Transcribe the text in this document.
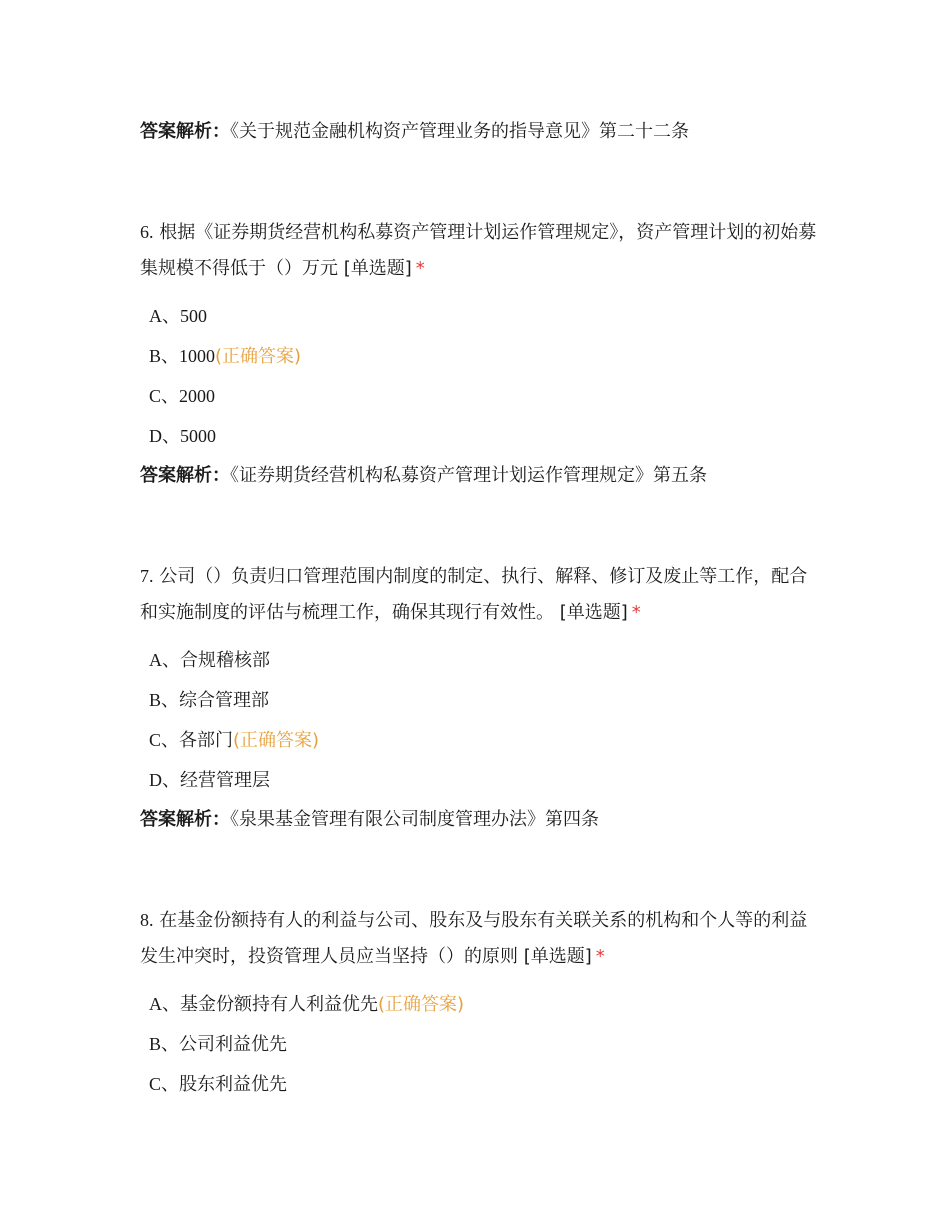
答案解析：《关于规范金融机构资产管理业务的指导意见》第二十二条
6. 根据《证券期货经营机构私募资产管理计划运作管理规定》，资产管理计划的初始募集规模不得低于（）万元 [单选题] *
A、500
B、1000(正确答案)
C、2000
D、5000
答案解析：《证券期货经营机构私募资产管理计划运作管理规定》第五条
7. 公司（）负责归口管理范围内制度的制定、执行、解释、修订及废止等工作，配合和实施制度的评估与梳理工作，确保其现行有效性。 [单选题] *
A、合规稽核部
B、综合管理部
C、各部门(正确答案)
D、经营管理层
答案解析：《泉果基金管理有限公司制度管理办法》第四条
8. 在基金份额持有人的利益与公司、股东及与股东有关联关系的机构和个人等的利益发生冲突时，投资管理人员应当坚持（）的原则 [单选题] *
A、基金份额持有人利益优先(正确答案)
B、公司利益优先
C、股东利益优先
